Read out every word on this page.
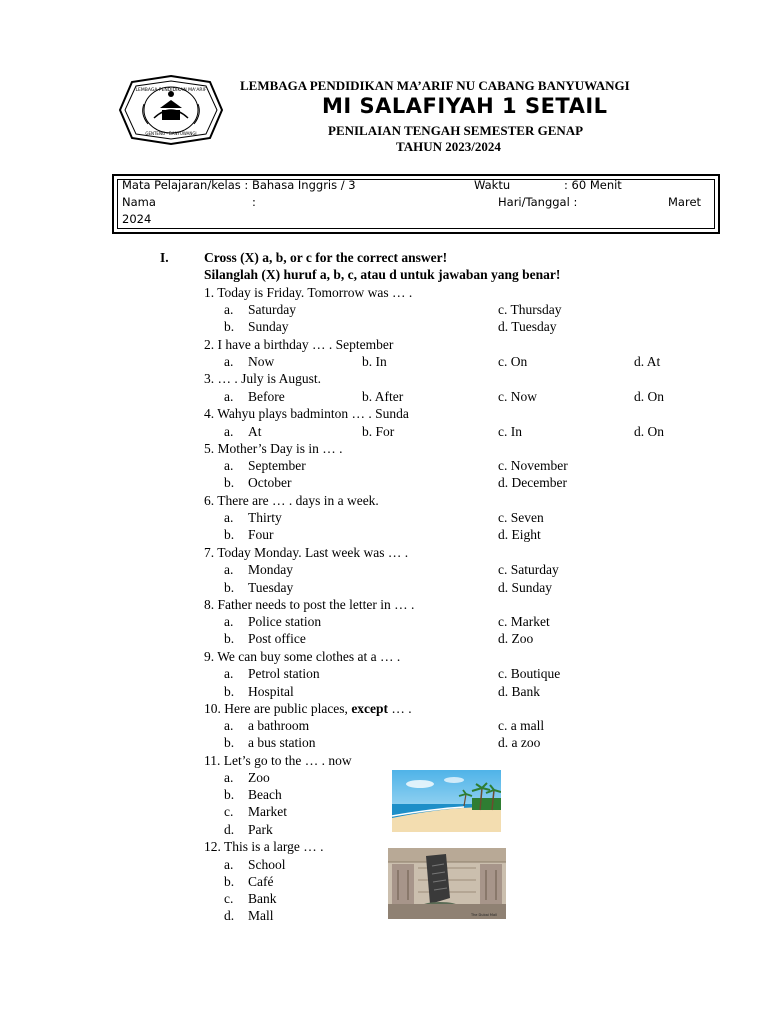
LEMBAGA PENDIDIKAN MA'ARIF
GENTENG - BANYUWANGI
LEMBAGA PENDIDIKAN MA’ARIF NU CABANG BANYUWANGI
MI SALAFIYAH 1 SETAIL
PENILAIAN TENGAH SEMESTER GENAP
TAHUN 2023/2024
Mata Pelajaran/kelas : Bahasa Inggris / 3	Waktu	: 60 Menit
Nama	:	Hari/Tanggal :	Maret
2024
I.	Cross (X) a, b, or c for the correct answer!
Silanglah (X) huruf a, b, c, atau d untuk jawaban yang benar!
1. Today is Friday. Tomorrow was … .
a. Saturday
b. Sunday
c. Thursday
d. Tuesday
2. I have a birthday … . September
a. Now	b. In	c. On	d. At
3. … . July is August.
a. Before	b. After	c. Now	d. On
4. Wahyu plays badminton … . Sunda
a. At	b. For	c. In	d. On
5. Mother’s Day is in … .
a. September
b. October
c. November
d. December
6. There are … . days in a week.
a. Thirty
b. Four
c. Seven
d. Eight
7. Today Monday. Last week was … .
a. Monday
b. Tuesday
c. Saturday
d. Sunday
8. Father needs to post the letter in … .
a. Police station
b. Post office
c. Market
d. Zoo
9. We can buy some clothes at a … .
a. Petrol station
b. Hospital
c. Boutique
d. Bank
10. Here are public places, except … .
a. a bathroom
b. a bus station
c. a mall
d. a zoo
11. Let’s go to the … . now
a. Zoo
b. Beach
c. Market
d. Park
12. This is a large … .
a. School
b. Café
c. Bank
d. Mall	The Dubai Mall
